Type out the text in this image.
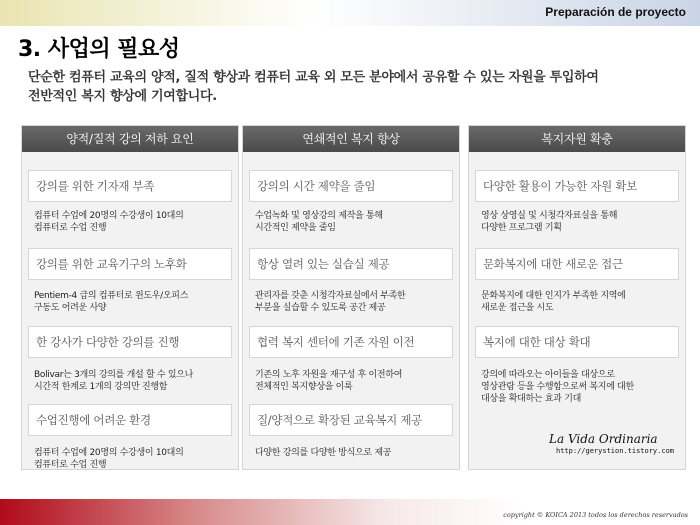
Preparación de proyecto
3. 사업의 필요성
단순한 컴퓨터 교육의 양적, 질적 향상과 컴퓨터 교육 외 모든 분야에서 공유할 수 있는 자원을 투입하여
전반적인 복지 향상에 기여합니다.
양적/질적 강의 저하 요인
강의를 위한 기자재 부족
컴퓨터 수업에 20명의 수강생이 10대의
컴퓨터로 수업 진행
강의를 위한 교육기구의 노후화
Pentiem-4 급의 컴퓨터로 윈도우/오피스
구동도 어려운 사양
한 강사가 다양한 강의를 진행
Bolivar는 3개의 강의를 개설 할 수 있으나
시간적 한계로 1개의 강의만 진행함
수업진행에 어려운 환경
컴퓨터 수업에 20명의 수강생이 10대의
컴퓨터로 수업 진행
연쇄적인 복지 향상
강의의 시간 제약을 줄임
수업녹화 및 영상강의 제작을 통해
시간적인 제약을 줄임
항상 열려 있는 실습실 제공
관리자를 갖춘 시청각자료실에서 부족한
부분을 실습할 수 있도록 공간 제공
협력 복지 센터에 기존 자원 이전
기존의 노후 자원을 재구성 후 이전하여
전체적인 복지향상을 이룩
질/양적으로 확장된 교육복지 제공
다양한 강의를 다양한 방식으로 제공
복지자원 확충
다양한 활용이 가능한 자원 확보
영상 상영실 및 시청각자료실을 통해
다양한 프로그램 기획
문화복지에 대한 새로운 접근
문화복지에 대한 인지가 부족한 지역에
새로운 접근을 시도
복지에 대한 대상 확대
강의에 따라오는 아이들을 대상으로
영상관람 등을 수행함으로써 복지에 대한
대상을 확대하는 효과 기대
La Vida Ordinaria
http://gerystion.tistory.com
copyright © KOICA 2013 todos los derechos reservados
